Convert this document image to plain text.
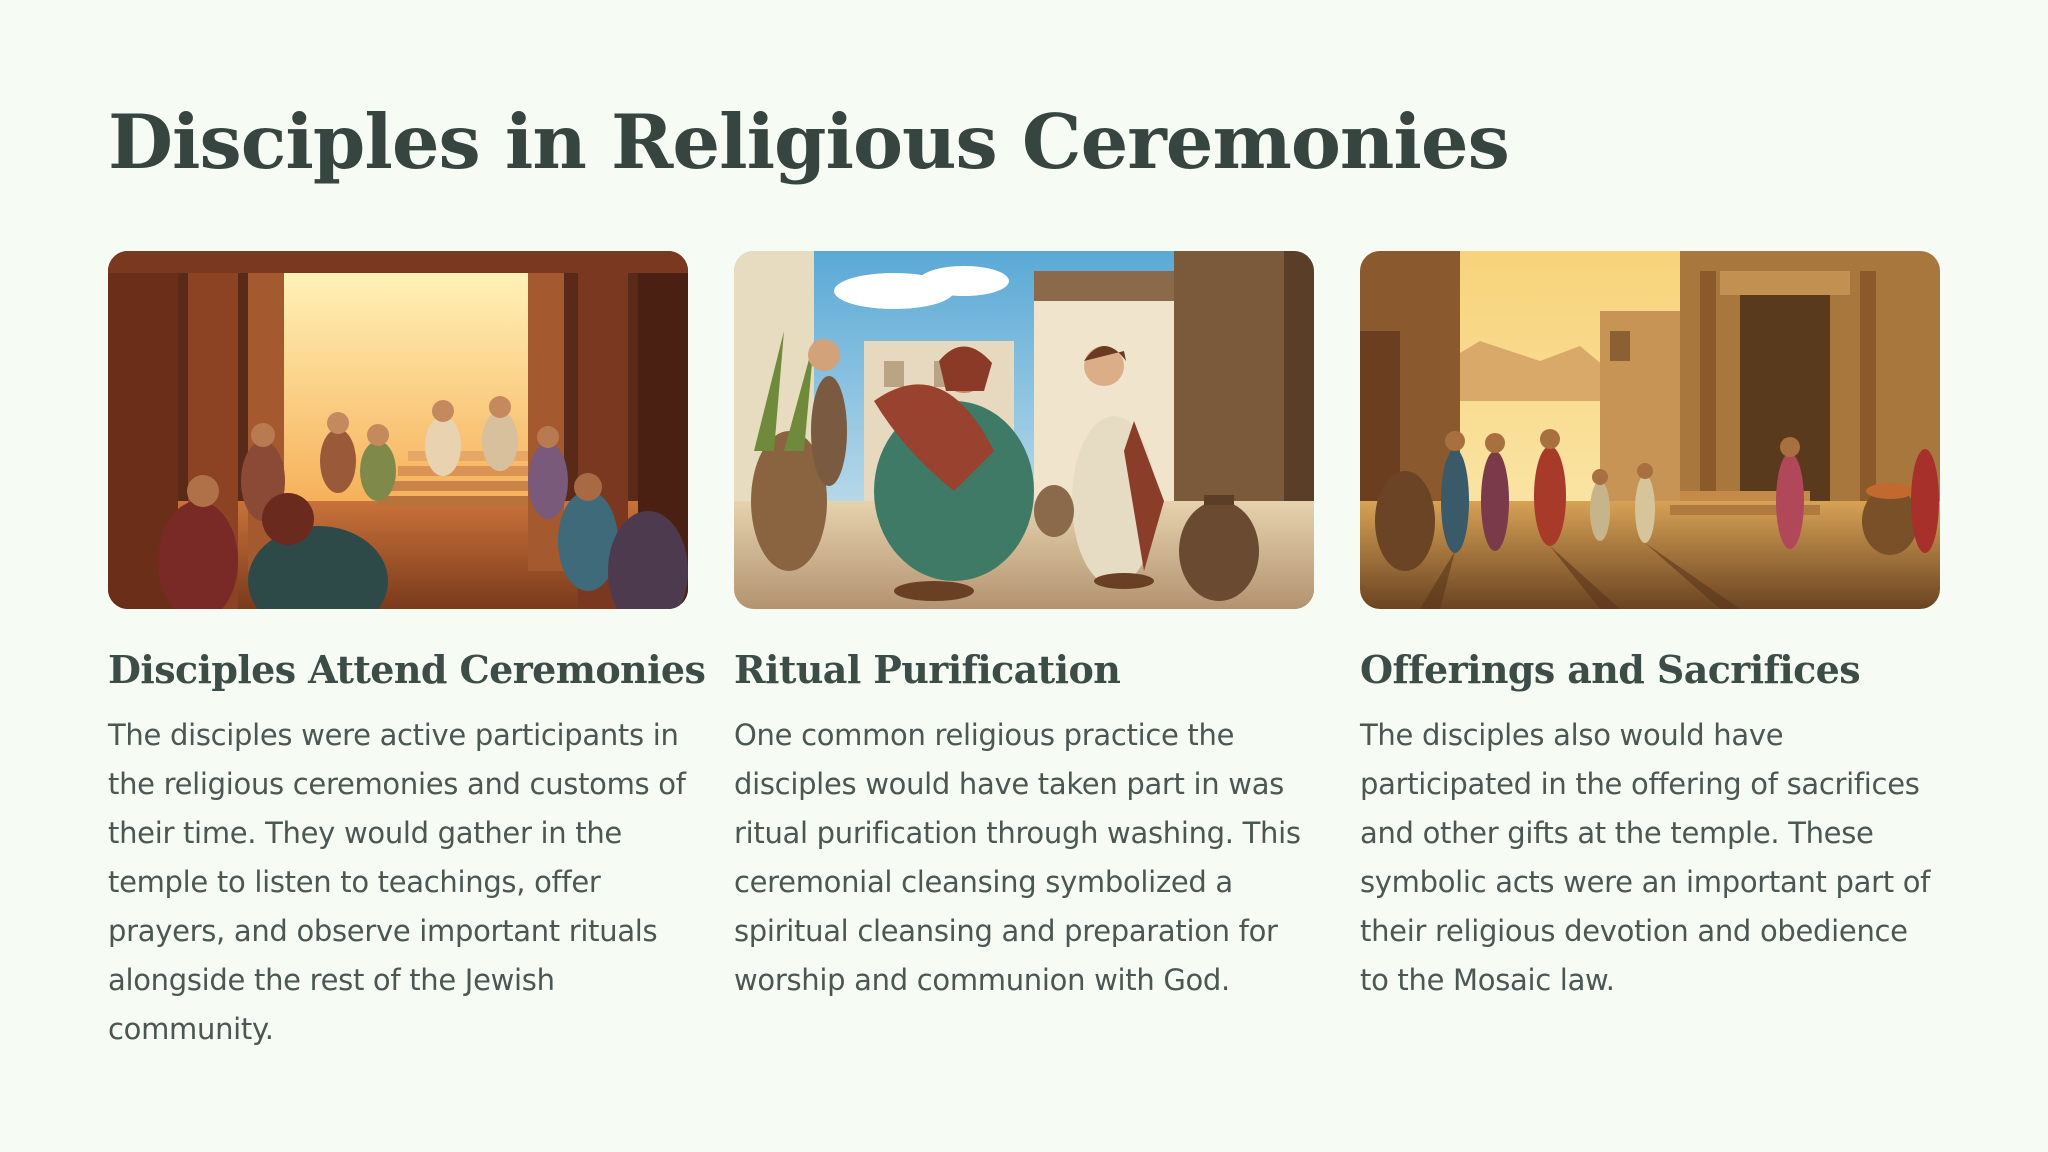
Disciples in Religious Ceremonies
Disciples Attend Ceremonies

The disciples were active participants in the religious ceremonies and customs of their time. They would gather in the temple to listen to teachings, offer prayers, and observe important rituals alongside the rest of the Jewish community.

Ritual Purification

One common religious practice the disciples would have taken part in was ritual purification through washing. This ceremonial cleansing symbolized a spiritual cleansing and preparation for worship and communion with God.

Offerings and Sacrifices

The disciples also would have participated in the offering of sacrifices and other gifts at the temple. These symbolic acts were an important part of their religious devotion and obedience to the Mosaic law.
